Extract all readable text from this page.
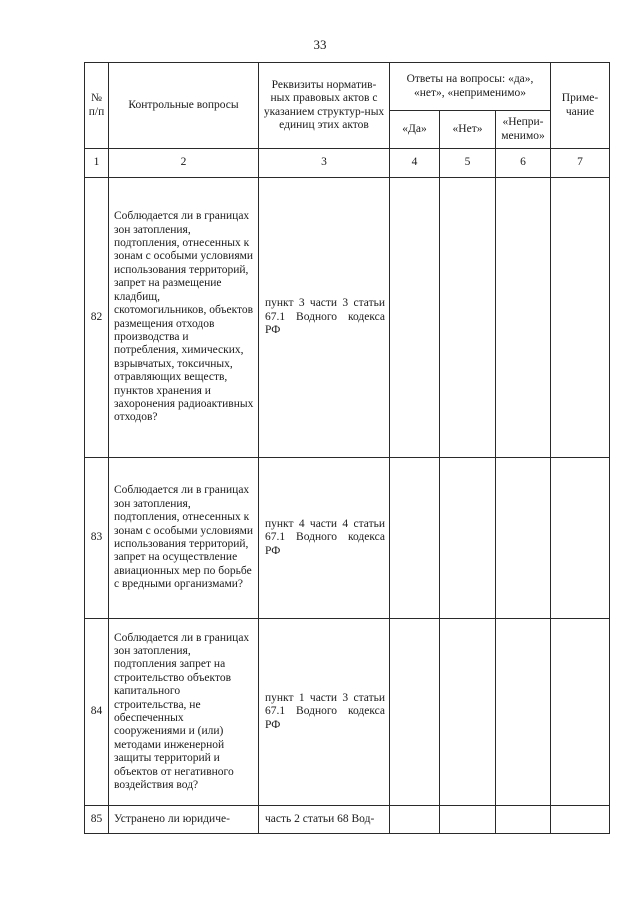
33
№ п/п	Контрольные вопросы	Реквизиты норматив-ных правовых актов с указанием структур-ных единиц этих актов	Ответы на вопросы: «да», «нет», «неприменимо»			Приме-чание
			«Да»	«Нет»	«Непри-менимо»	
1	2	3	4	5	6	7
82	Соблюдается ли в границах зон затопления, подтопления, отнесенных к зонам с особыми условиями использования территорий, запрет на размещение кладбищ, скотомогильников, объектов размещения отходов производства и потребления, химических, взрывчатых, токсичных, отравляющих веществ, пунктов хранения и захоронения радиоактивных отходов?	пункт 3 части 3 статьи 67.1 Водного кодекса РФ				
83	Соблюдается ли в границах зон затопления, подтопления, отнесенных к зонам с особыми условиями использования территорий, запрет на осуществление авиационных мер по борьбе с вредными организмами?	пункт 4 части 4 статьи 67.1 Водного кодекса РФ				
84	Соблюдается ли в границах зон затопления, подтопления запрет на строительство объектов капитального строительства, не обеспеченных сооружениями и (или) методами инженерной защиты территорий и объектов от негативного воздействия вод?	пункт 1 части 3 статьи 67.1 Водного кодекса РФ				
85	Устранено ли юридиче-	часть 2 статьи 68 Вод-				
